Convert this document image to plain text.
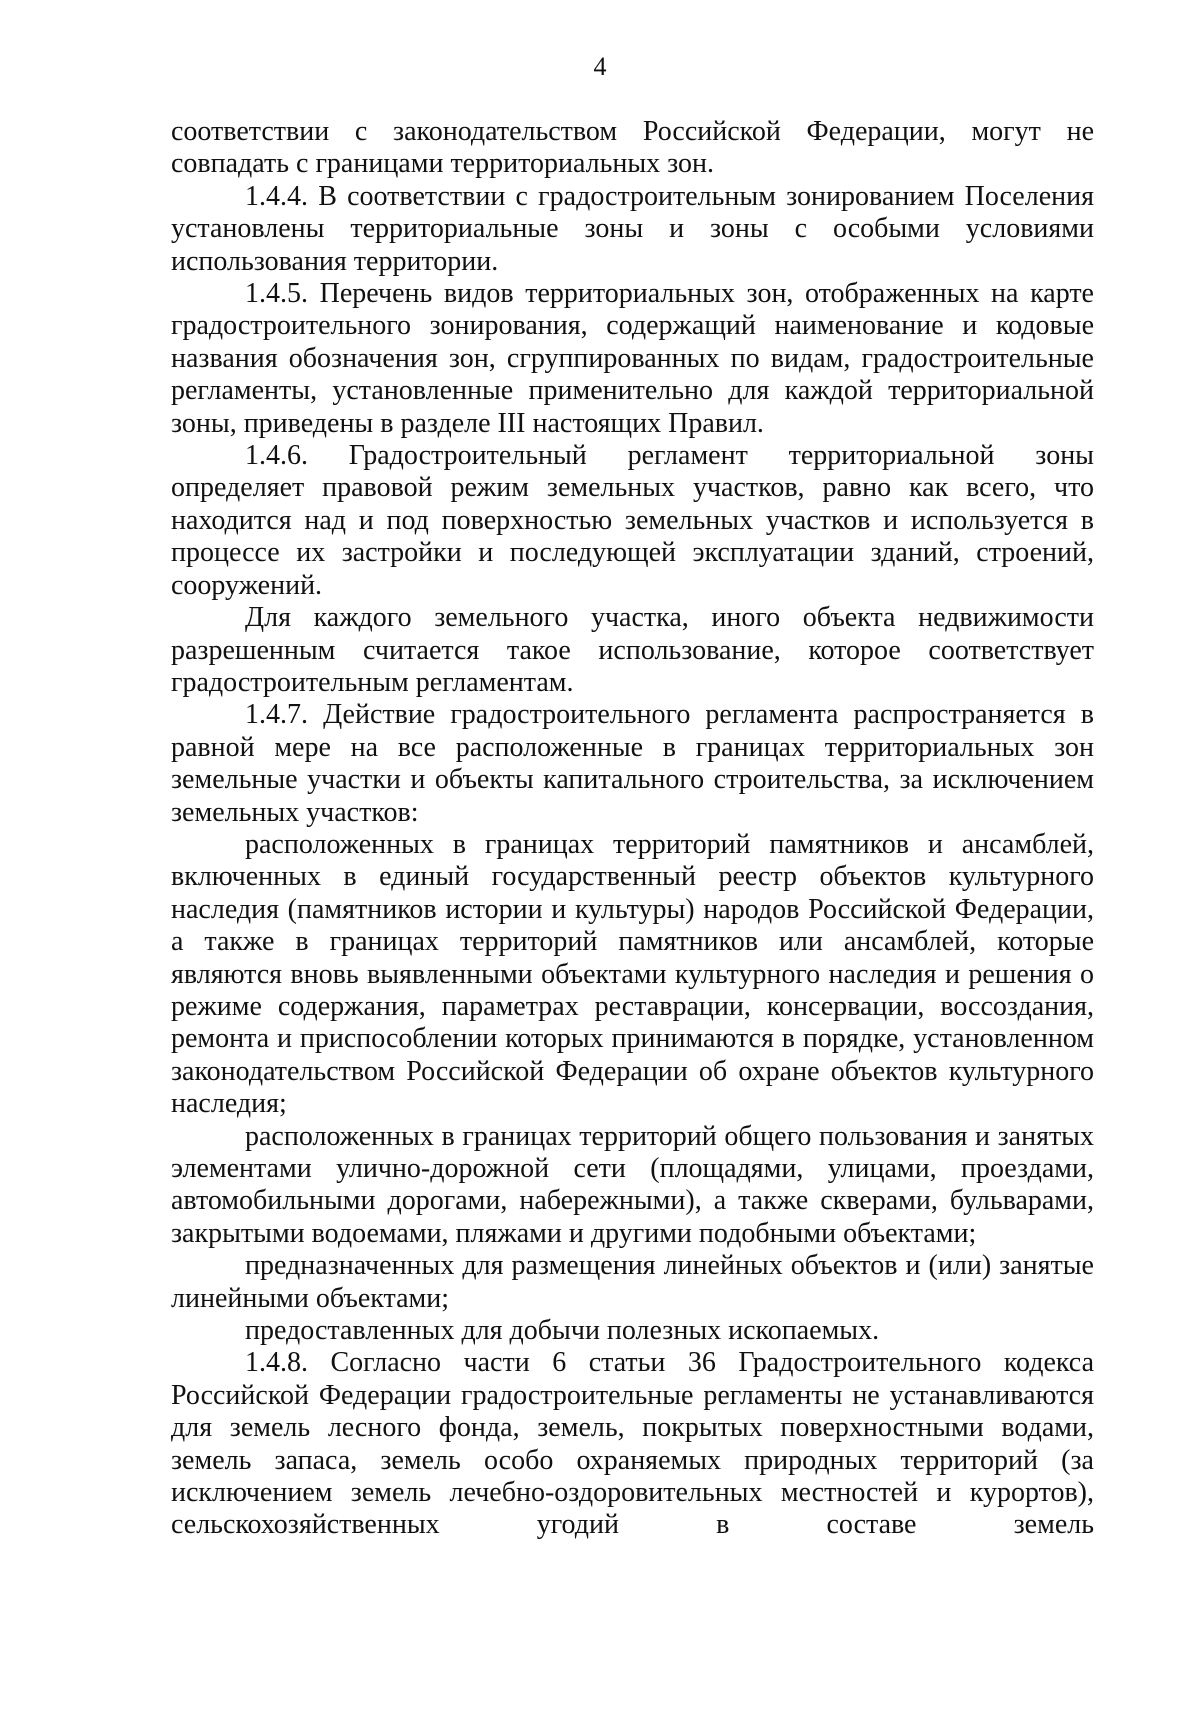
4

соответствии с законодательством Российской Федерации, могут не совпадать с границами территориальных зон.

1.4.4. В соответствии с градостроительным зонированием Поселения установлены территориальные зоны и зоны с особыми условиями использования территории.

1.4.5. Перечень видов территориальных зон, отображенных на карте градостроительного зонирования, содержащий наименование и кодовые названия обозначения зон, сгруппированных по видам, градостроительные регламенты, установленные применительно для каждой территориальной зоны, приведены в разделе III настоящих Правил.

1.4.6. Градостроительный регламент территориальной зоны определяет правовой режим земельных участков, равно как всего, что находится над и под поверхностью земельных участков и используется в процессе их застройки и последующей эксплуатации зданий, строений, сооружений.

Для каждого земельного участка, иного объекта недвижимости разрешенным считается такое использование, которое соответствует градостроительным регламентам.

1.4.7. Действие градостроительного регламента распространяется в равной мере на все расположенные в границах территориальных зон земельные участки и объекты капитального строительства, за исключением земельных участков:

расположенных в границах территорий памятников и ансамблей, включенных в единый государственный реестр объектов культурного наследия (памятников истории и культуры) народов Российской Федерации, а также в границах территорий памятников или ансамблей, которые являются вновь выявленными объектами культурного наследия и решения о режиме содержания, параметрах реставрации, консервации, воссоздания, ремонта и приспособлении которых принимаются в порядке, установленном законодательством Российской Федерации об охране объектов культурного наследия;

расположенных в границах территорий общего пользования и занятых элементами улично-дорожной сети (площадями, улицами, проездами, автомобильными дорогами, набережными), а также скверами, бульварами, закрытыми водоемами, пляжами и другими подобными объектами;

предназначенных для размещения линейных объектов и (или) занятые линейными объектами;

предоставленных для добычи полезных ископаемых.

1.4.8. Согласно части 6 статьи 36 Градостроительного кодекса Российской Федерации градостроительные регламенты не устанавливаются для земель лесного фонда, земель, покрытых поверхностными водами, земель запаса, земель особо охраняемых природных территорий (за исключением земель лечебно-оздоровительных местностей и курортов), сельскохозяйственных угодий в составе земель
